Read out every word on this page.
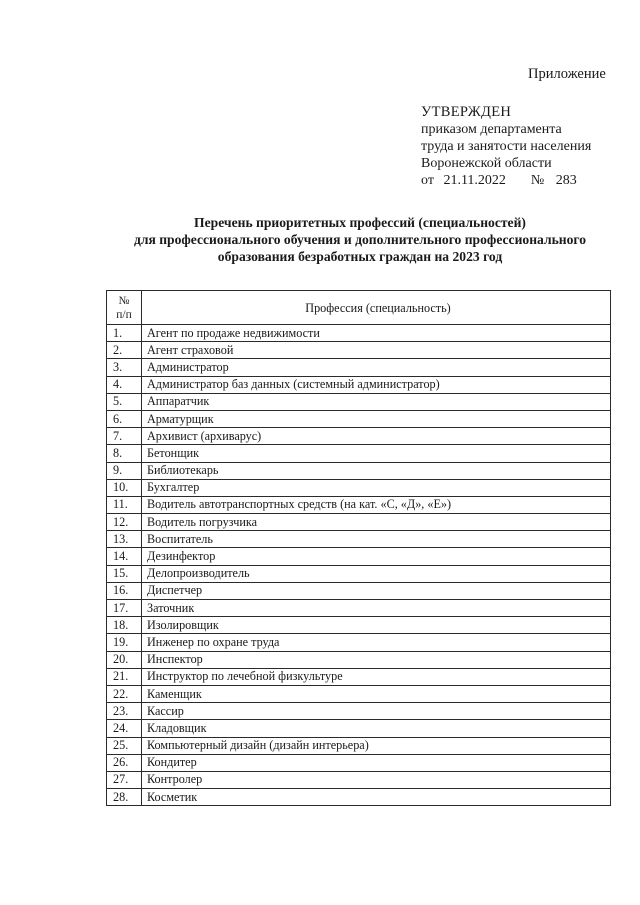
Приложение
УТВЕРЖДЕН
приказом департамента
труда и занятости населения
Воронежской области
от 21.11.2022 № 283
Перечень приоритетных профессий (специальностей)
для профессионального обучения и дополнительного профессионального
образования безработных граждан на 2023 год
№
п/п	Профессия (специальность)
1.	Агент по продаже недвижимости
2.	Агент страховой
3.	Администратор
4.	Администратор баз данных (системный администратор)
5.	Аппаратчик
6.	Арматурщик
7.	Архивист (архиварус)
8.	Бетонщик
9.	Библиотекарь
10.	Бухгалтер
11.	Водитель автотранспортных средств (на кат. «С, «Д», «Е»)
12.	Водитель погрузчика
13.	Воспитатель
14.	Дезинфектор
15.	Делопроизводитель
16.	Диспетчер
17.	Заточник
18.	Изолировщик
19.	Инженер по охране труда
20.	Инспектор
21.	Инструктор по лечебной физкультуре
22.	Каменщик
23.	Кассир
24.	Кладовщик
25.	Компьютерный дизайн (дизайн интерьера)
26.	Кондитер
27.	Контролер
28.	Косметик
